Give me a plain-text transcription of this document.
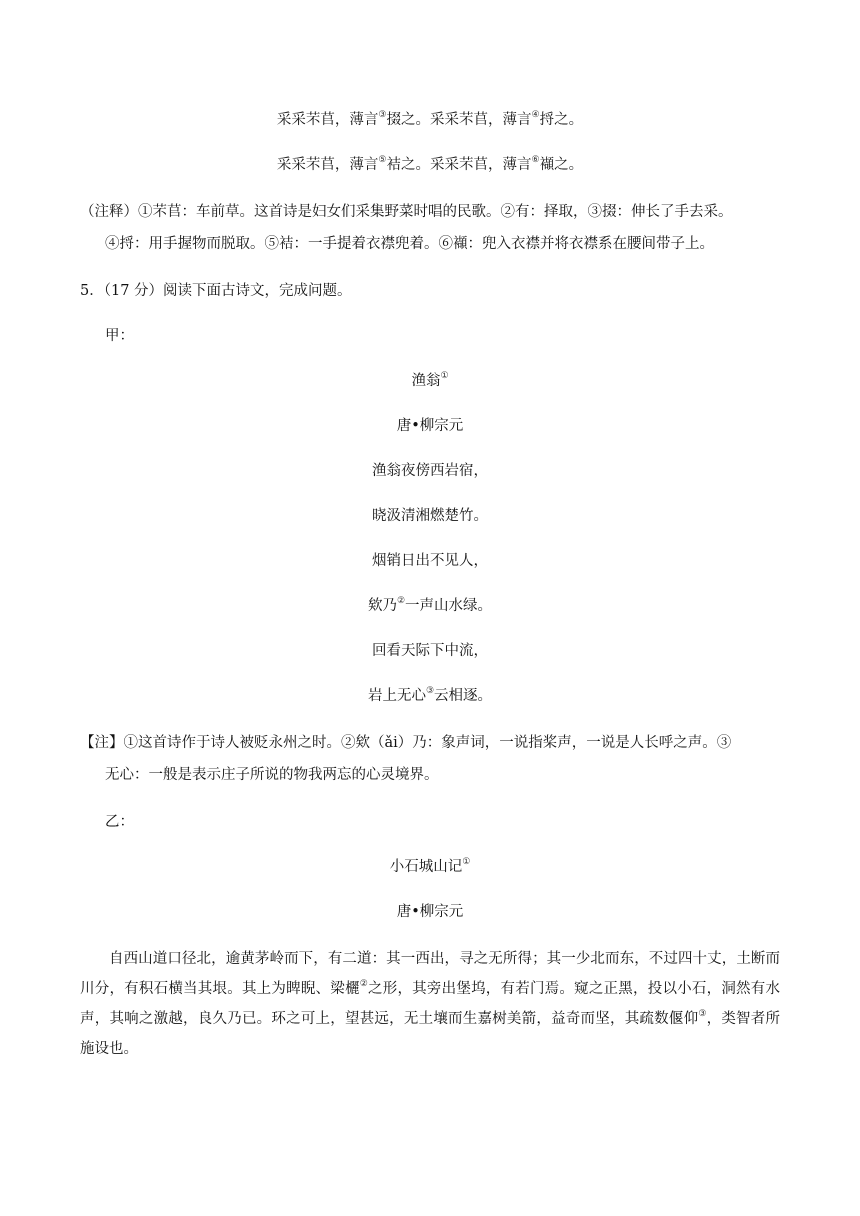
采采芣苢，薄言③掇之。采采芣苢，薄言④捋之。
采采芣苢，薄言⑤袺之。采采芣苢，薄言⑥襭之。
（注释）①芣苢：车前草。这首诗是妇女们采集野菜时唱的民歌。②有：择取，③掇：伸长了手去采。
④捋：用手握物而脱取。⑤袺：一手提着衣襟兜着。⑥襭：兜入衣襟并将衣襟系在腰间带子上。
5．（17 分）阅读下面古诗文，完成问题。
甲：
渔翁①
唐•柳宗元
渔翁夜傍西岩宿，
晓汲清湘燃楚竹。
烟销日出不见人，
欸乃②一声山水绿。
回看天际下中流，
岩上无心③云相逐。
【注】①这首诗作于诗人被贬永州之时。②欸（ǎi）乃：象声词，一说指桨声，一说是人长呼之声。③
无心：一般是表示庄子所说的物我两忘的心灵境界。
乙：
小石城山记①
唐•柳宗元
自西山道口径北，逾黄茅岭而下，有二道：其一西出，寻之无所得；其一少北而东，不过四十丈，土断而川分，有积石横当其垠。其上为睥睨、梁欐②之形，其旁出堡坞，有若门焉。窥之正黑，投以小石，洞然有水声，其响之激越，良久乃已。环之可上，望甚远，无土壤而生嘉树美箭，益奇而坚，其疏数偃仰③，类智者所施设也。
